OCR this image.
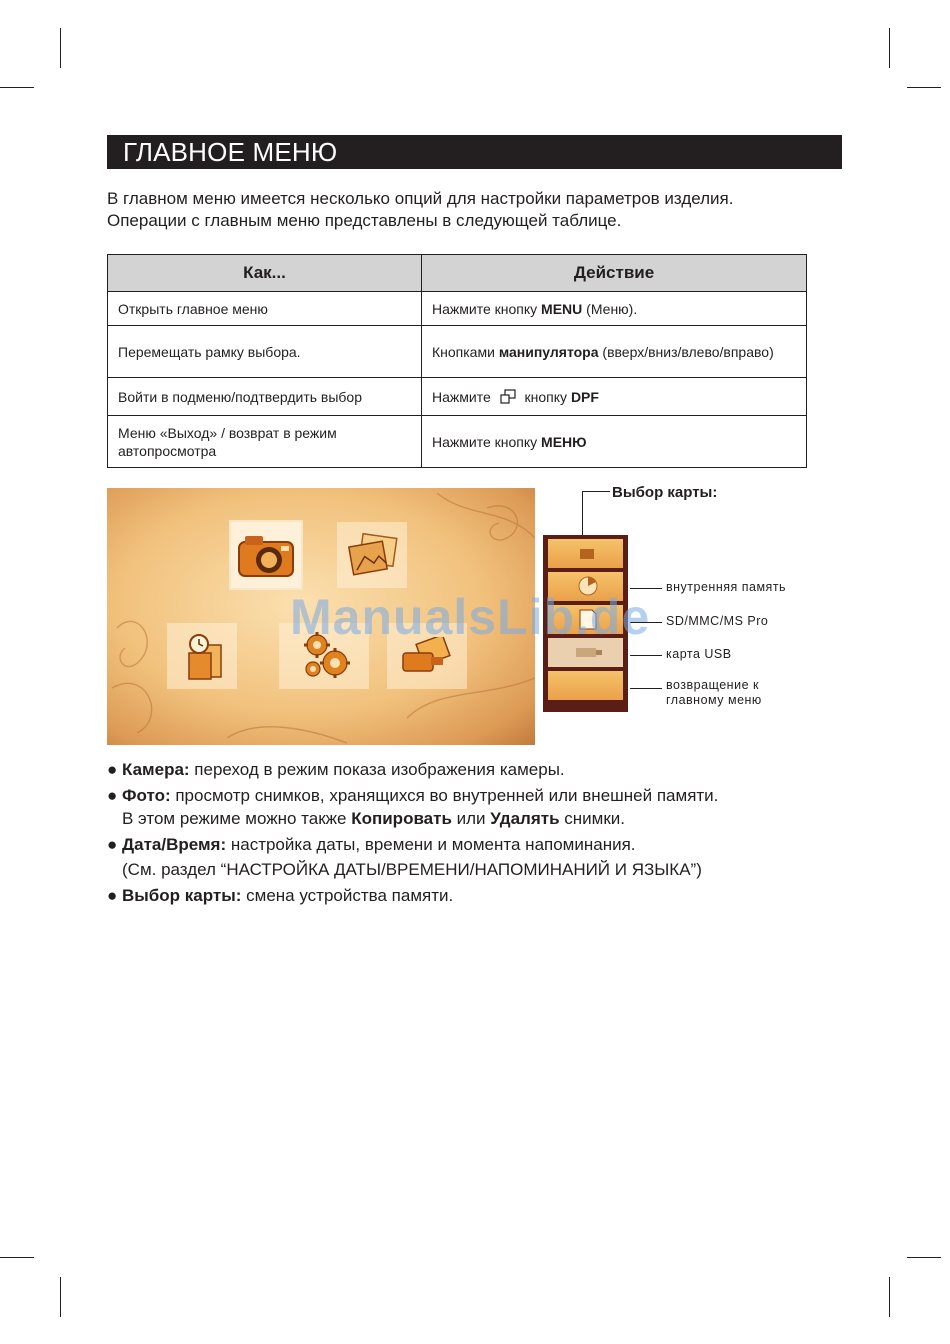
ГЛАВНОЕ МЕНЮ

В главном меню имеется несколько опций для настройки параметров изделия.

Операции с главным меню представлены в следующей таблице.

Как...	Действие
Открыть главное меню	Нажмите кнопку MENU (Меню).
Перемещать рамку выбора.	Кнопками манипулятора (вверх/вниз/влево/вправо)
Войти в подменю/подтвердить выбор	Нажмите  кнопку DPF
Меню «Выход» / возврат в режим автопросмотра	Нажмите кнопку МЕНЮ
Выбор карты:
внутренняя память
SD/MMC/MS Pro
карта USB
возвращение к главному меню
ManualsLib.de
● Камера: переход в режим показа изображения камеры.
● Фото: просмотр снимков, хранящихся во внутренней или внешней памяти.
В этом режиме можно также Копировать или Удалять снимки.
● Дата/Время: настройка даты, времени и момента напоминания.
(См. раздел “НАСТРОЙКА ДАТЫ/ВРЕМЕНИ/НАПОМИНАНИЙ И ЯЗЫКА”)
● Выбор карты: смена устройства памяти.
